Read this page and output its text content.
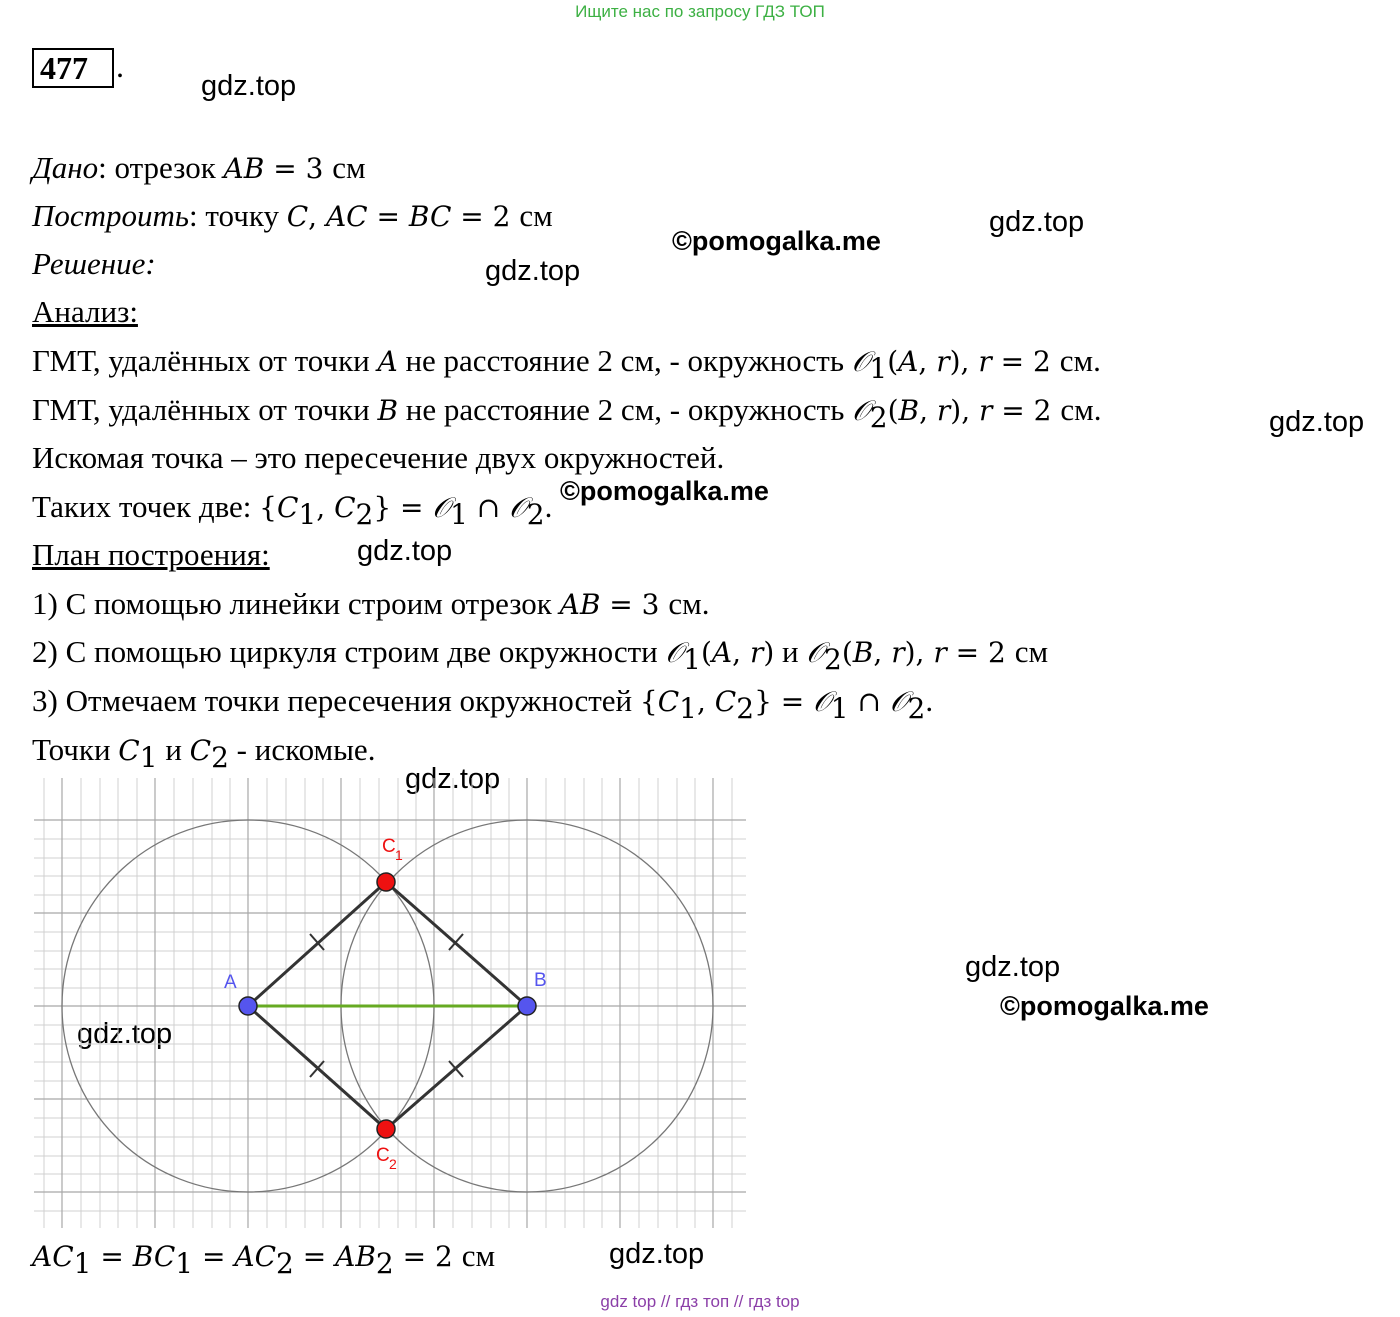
Ищите нас по запросу ГДЗ ТОП
477 .
gdz.top
gdz.top
gdz.top
gdz.top
gdz.top
gdz.top
gdz.top
gdz.top
gdz.top
©pomogalka.me
©pomogalka.me
©pomogalka.me
Дано: отрезок AB = 3 см
Построить: точку C, AC = BC = 2 см
Решение:
Анализ:
ГМТ, удалённых от точки A не расстояние 2 см, - окружность 𝒪$_1$(A, r), r = 2 см.
ГМТ, удалённых от точки B не расстояние 2 см, - окружность 𝒪$_2$(B, r), r = 2 см.
Искомая точка – это пересечение двух окружностей.
Таких точек две: {$C_1$, $C_2$} = 𝒪$_1$ ∩ 𝒪$_2$.
План построения:
1) С помощью линейки строим отрезок AB = 3 см.
2) С помощью циркуля строим две окружности 𝒪$_1$(A, r) и 𝒪$_2$(B, r), r = 2 см
3) Отмечаем точки пересечения окружностей {$C_1$, $C_2$} = 𝒪$_1$ ∩ 𝒪$_2$.
Точки $C_1$ и $C_2$ - искомые.
A	B
C 1
C 2
$AC_1 = BC_1 = AC_2 = AB_2 = 2$ см
gdz top // гдз топ // гдз top
